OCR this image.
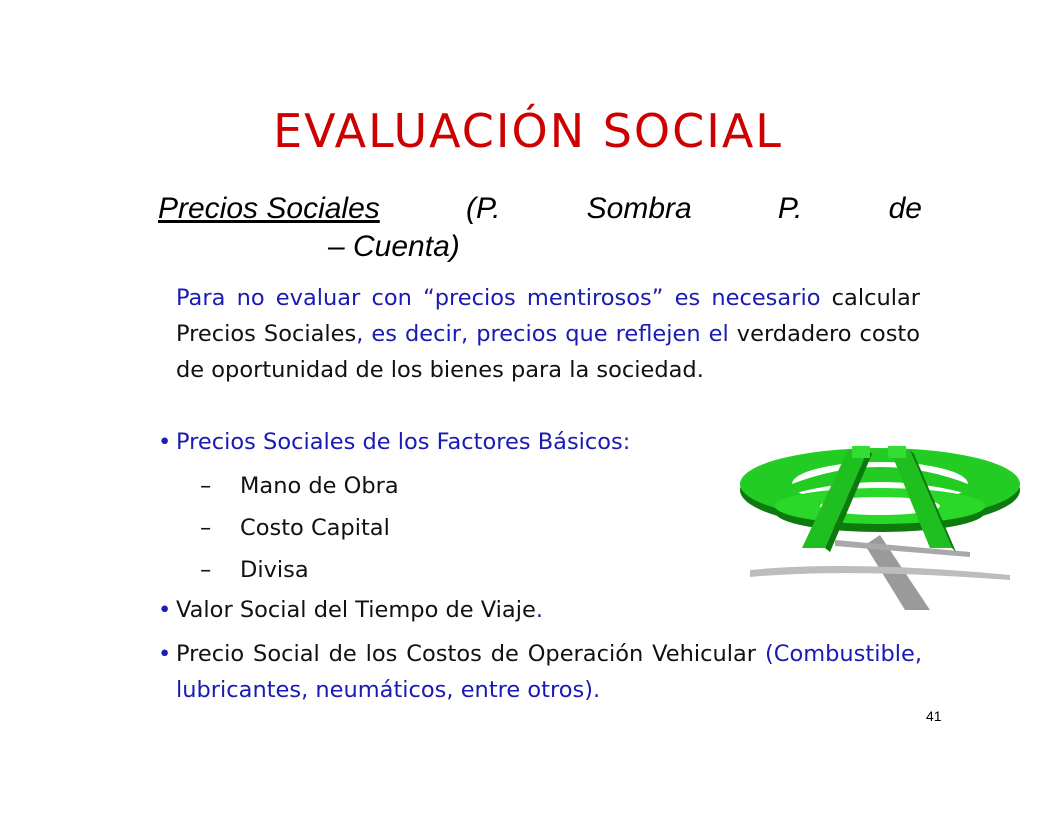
EVALUACIÓN SOCIAL
Precios Sociales	(P.	Sombra	P.	de
– Cuenta)
Para no evaluar con “precios mentirosos” es necesario calcular Precios Sociales, es decir, precios que reflejen el verdadero costo de oportunidad de los bienes para la sociedad.
• Precios Sociales de los Factores Básicos:
–	Mano de Obra
–	Costo Capital
–	Divisa
• Valor Social del Tiempo de Viaje.
• Precio Social de los Costos de Operación Vehicular (Combustible, lubricantes, neumáticos, entre otros).
41
